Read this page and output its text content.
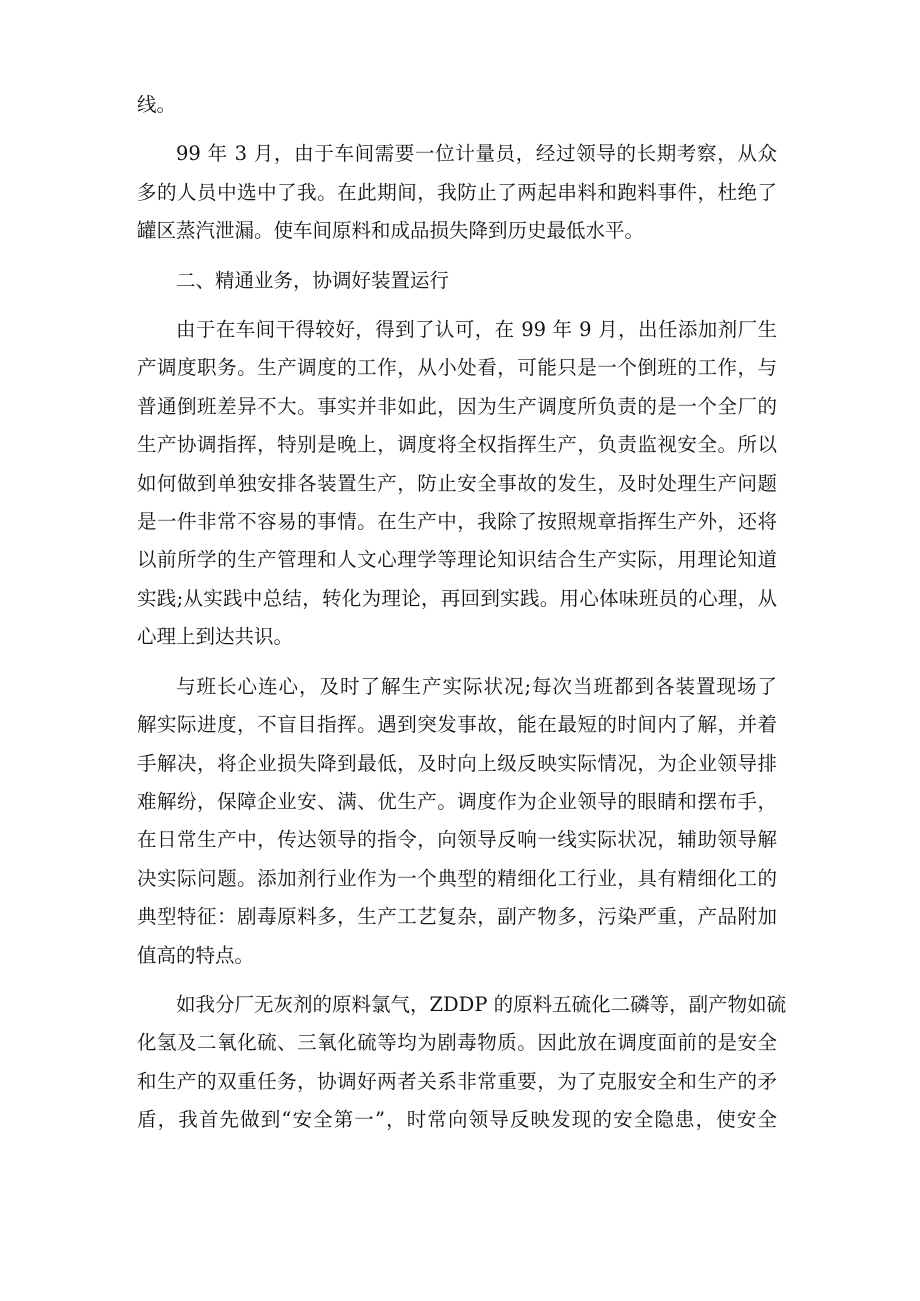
线。

99 年 3 月，由于车间需要一位计量员，经过领导的长期考察，从众
多的人员中选中了我。在此期间，我防止了两起串料和跑料事件，杜绝了
罐区蒸汽泄漏。使车间原料和成品损失降到历史最低水平。

二、精通业务，协调好装置运行

由于在车间干得较好，得到了认可，在 99 年 9 月，出任添加剂厂生
产调度职务。生产调度的工作，从小处看，可能只是一个倒班的工作，与
普通倒班差异不大。事实并非如此，因为生产调度所负责的是一个全厂的
生产协调指挥，特别是晚上，调度将全权指挥生产，负责监视安全。所以
如何做到单独安排各装置生产，防止安全事故的发生，及时处理生产问题
是一件非常不容易的事情。在生产中，我除了按照规章指挥生产外，还将
以前所学的生产管理和人文心理学等理论知识结合生产实际，用理论知道
实践;从实践中总结，转化为理论，再回到实践。用心体味班员的心理，从
心理上到达共识。

与班长心连心，及时了解生产实际状况;每次当班都到各装置现场了
解实际进度，不盲目指挥。遇到突发事故，能在最短的时间内了解，并着
手解决，将企业损失降到最低，及时向上级反映实际情况，为企业领导排
难解纷，保障企业安、满、优生产。调度作为企业领导的眼睛和摆布手，
在日常生产中，传达领导的指令，向领导反响一线实际状况，辅助领导解
决实际问题。添加剂行业作为一个典型的精细化工行业，具有精细化工的
典型特征：剧毒原料多，生产工艺复杂，副产物多，污染严重，产品附加
值高的特点。

如我分厂无灰剂的原料氯气，ZDDP 的原料五硫化二磷等，副产物如硫
化氢及二氧化硫、三氧化硫等均为剧毒物质。因此放在调度面前的是安全
和生产的双重任务，协调好两者关系非常重要，为了克服安全和生产的矛
盾，我首先做到“安全第一”，时常向领导反映发现的安全隐患，使安全
